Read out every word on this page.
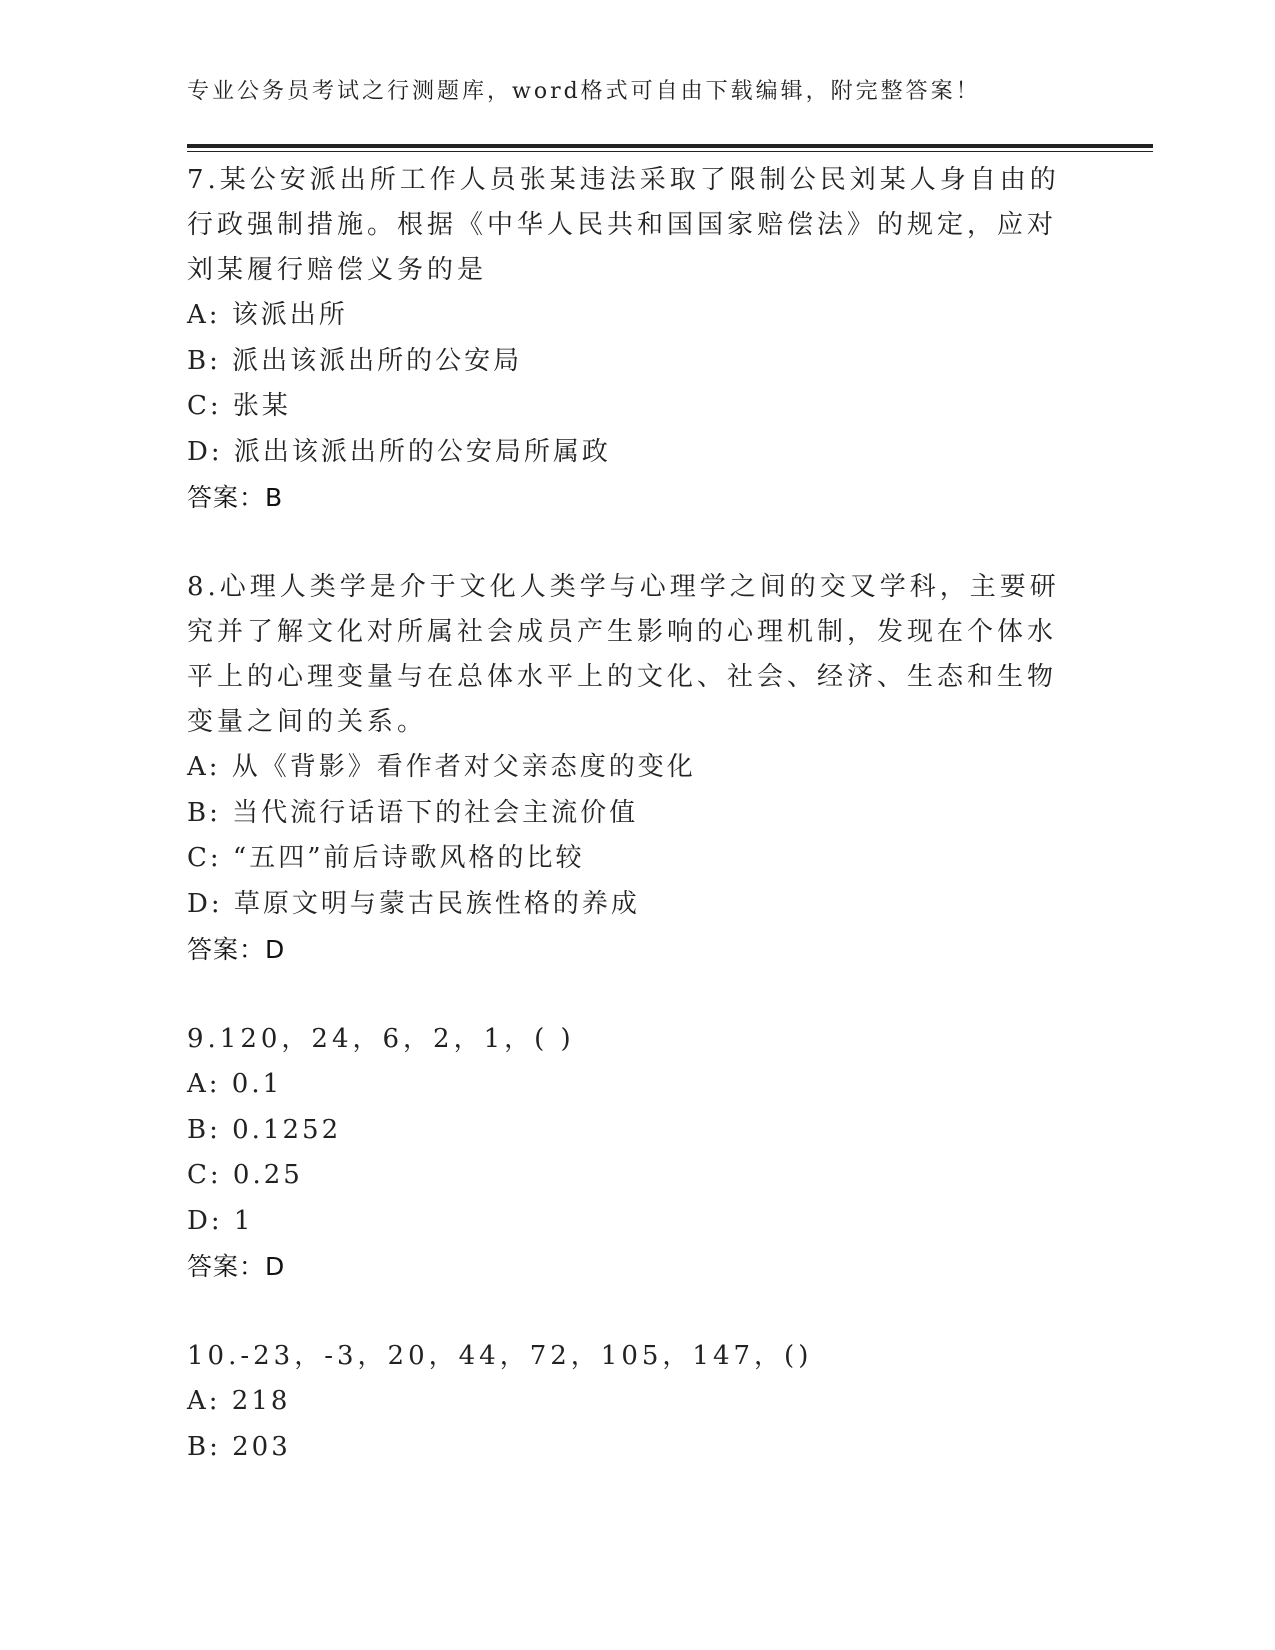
专业公务员考试之行测题库，word格式可自由下载编辑，附完整答案！

7.某公安派出所工作人员张某违法采取了限制公民刘某人身自由的行政强制措施。根据《中华人民共和国国家赔偿法》的规定，应对刘某履行赔偿义务的是

A: 该派出所

B: 派出该派出所的公安局

C: 张某

D: 派出该派出所的公安局所属政

答案：B

8.心理人类学是介于文化人类学与心理学之间的交叉学科，主要研究并了解文化对所属社会成员产生影响的心理机制，发现在个体水平上的心理变量与在总体水平上的文化、社会、经济、生态和生物变量之间的关系。

A: 从《背影》看作者对父亲态度的变化

B: 当代流行话语下的社会主流价值

C: “五四”前后诗歌风格的比较

D: 草原文明与蒙古民族性格的养成

答案：D

9.120，24，6，2，1，( )

A: 0.1

B: 0.1252

C: 0.25

D: 1

答案：D

10.-23，-3，20，44，72，105，147，()

A: 218

B: 203
